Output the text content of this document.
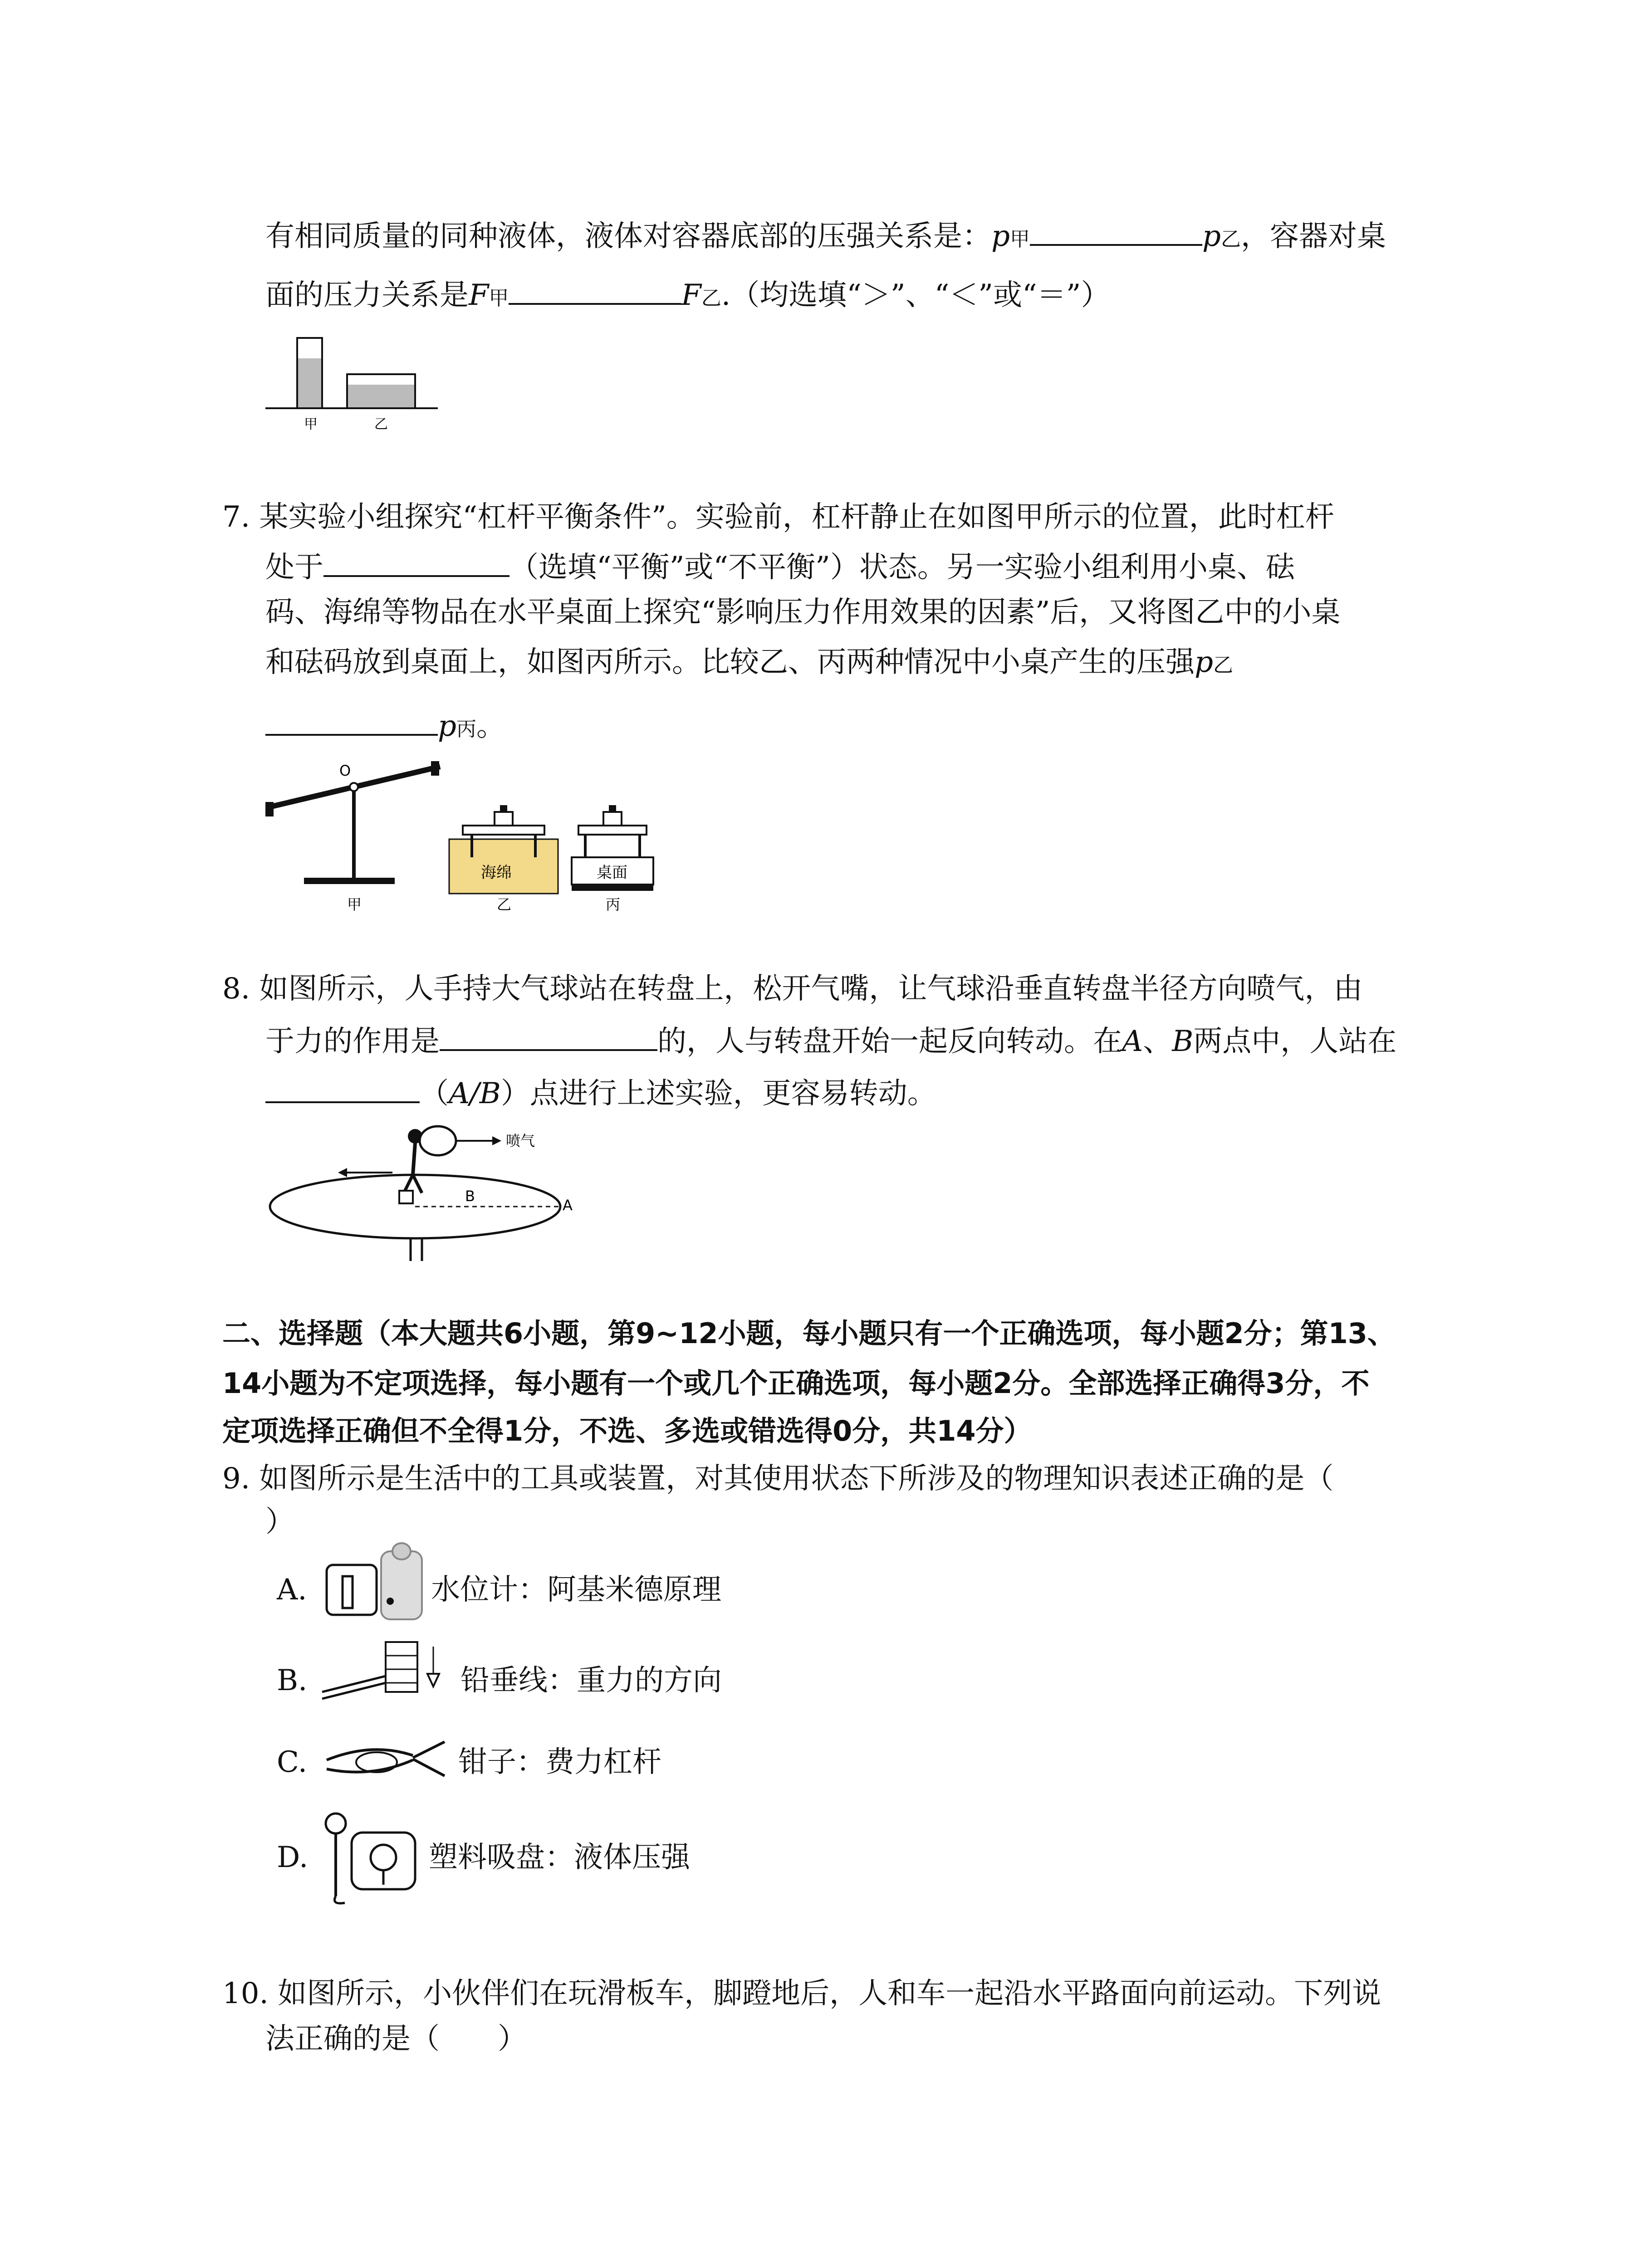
有相同质量的同种液体，液体对容器底部的压强关系是：p甲	p乙，容器对桌
面的压力关系是F甲	F乙.（均选填“＞”、“＜”或“＝”）
甲	乙
7. 某实验小组探究“杠杆平衡条件”。实验前，杠杆静止在如图甲所示的位置，此时杠杆
处于	（选填“平衡”或“不平衡”）状态。另一实验小组利用小桌、砝
码、海绵等物品在水平桌面上探究“影响压力作用效果的因素”后，又将图乙中的小桌
和砝码放到桌面上，如图丙所示。比较乙、丙两种情况中小桌产生的压强p乙
p丙。
O
甲
海绵
乙
桌面
丙
8. 如图所示，人手持大气球站在转盘上，松开气嘴，让气球沿垂直转盘半径方向喷气，由
于力的作用是	的，人与转盘开始一起反向转动。在A、B两点中，人站在
（A/B）点进行上述实验，更容易转动。
喷气
B
A
二、选择题（本大题共6小题，第9~12小题，每小题只有一个正确选项，每小题2分；第13、
14小题为不定项选择，每小题有一个或几个正确选项，每小题2分。全部选择正确得3分，不
定项选择正确但不全得1分，不选、多选或错选得0分，共14分）
9. 如图所示是生活中的工具或装置，对其使用状态下所涉及的物理知识表述正确的是（
）
A.	水位计：阿基米德原理
B.	铅垂线：重力的方向
C.	钳子：费力杠杆
D.	塑料吸盘：液体压强
10. 如图所示，小伙伴们在玩滑板车，脚蹬地后，人和车一起沿水平路面向前运动。下列说
法正确的是（　　）
